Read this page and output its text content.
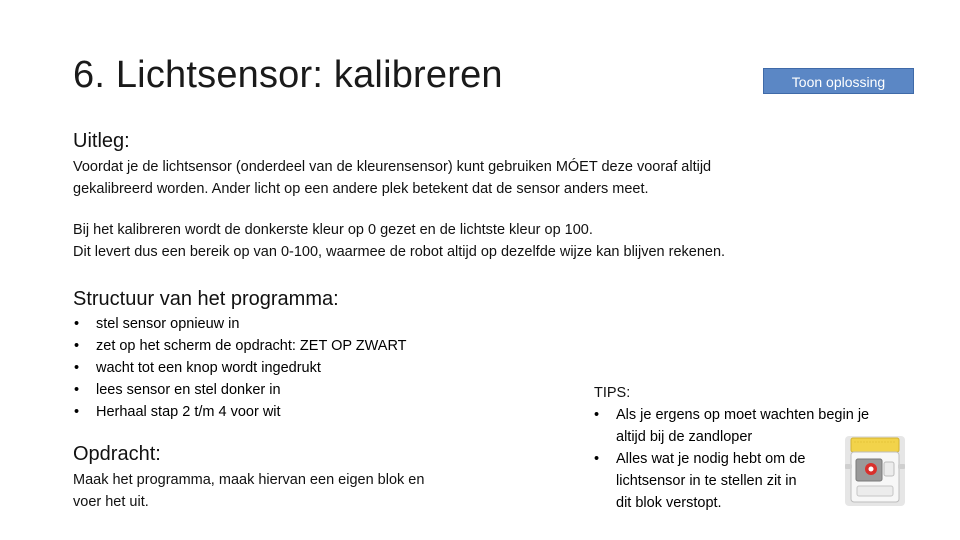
6. Lichtsensor: kalibreren	Toon oplossing
Uitleg:
Voordat je de lichtsensor (onderdeel van de kleurensensor) kunt gebruiken MÓET deze vooraf altijd
gekalibreerd worden. Ander licht op een andere plek betekent dat de sensor anders meet.
Bij het kalibreren wordt de donkerste kleur op 0 gezet en de lichtste kleur op 100.
Dit levert dus een bereik op van 0-100, waarmee de robot altijd op dezelfde wijze kan blijven rekenen.
Structuur van het programma:
• stel sensor opnieuw in
• zet op het scherm de opdracht: ZET OP ZWART
• wacht tot een knop wordt ingedrukt
• lees sensor en stel donker in
• Herhaal stap 2 t/m 4 voor wit
Opdracht:
Maak het programma, maak hiervan een eigen blok en
voer het uit.
TIPS:
• Als je ergens op moet wachten begin je
altijd bij de zandloper
• Alles wat je nodig hebt om de
lichtsensor in te stellen zit in
dit blok verstopt.
